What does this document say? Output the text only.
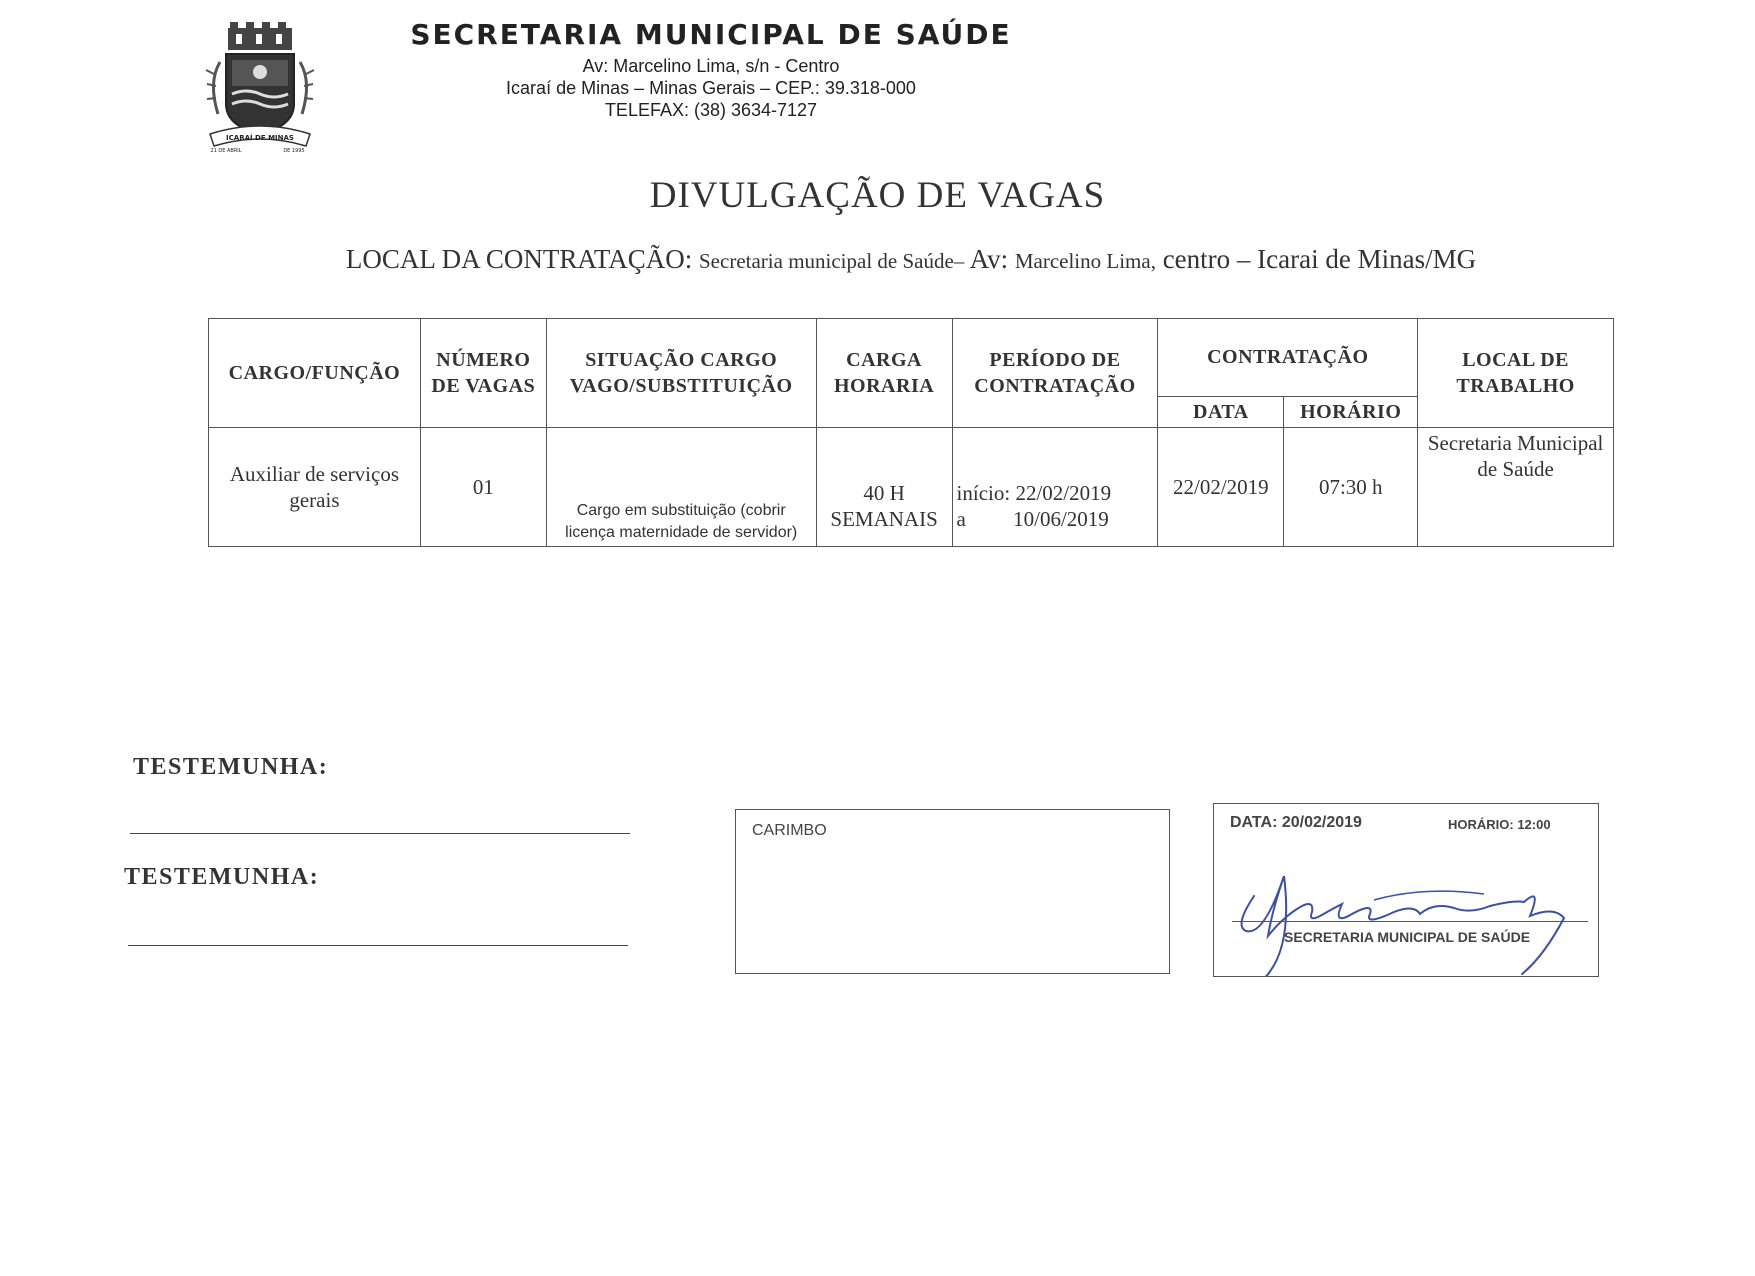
ICARAÍ DE MINAS
21 DE ABRIL	DE 1995
SECRETARIA MUNICIPAL DE SAÚDE
Av: Marcelino Lima, s/n - Centro
Icaraí de Minas – Minas Gerais – CEP.: 39.318-000
TELEFAX: (38) 3634-7127
DIVULGAÇÃO DE VAGAS
LOCAL DA CONTRATAÇÃO: Secretaria municipal de Saúde– Av: Marcelino Lima, centro – Icarai de Minas/MG
CARGO/FUNÇÃO	NÚMERO DE VAGAS	SITUAÇÃO CARGO VAGO/SUBSTITUIÇÃO	CARGA HORARIA	PERÍODO DE CONTRATAÇÃO	CONTRATAÇÃO		LOCAL DE TRABALHO
					DATA	HORÁRIO	
Auxiliar de serviços gerais	01	Cargo em substituição (cobrir licença maternidade de servidor)	40 H SEMANAIS	início: 22/02/2019
a         10/06/2019	22/02/2019	07:30 h	Secretaria Municipal de Saúde
TESTEMUNHA:
TESTEMUNHA:
CARIMBO	DATA: 20/02/2019	HORÁRIO: 12:00
SECRETARIA MUNICIPAL DE SAÚDE
